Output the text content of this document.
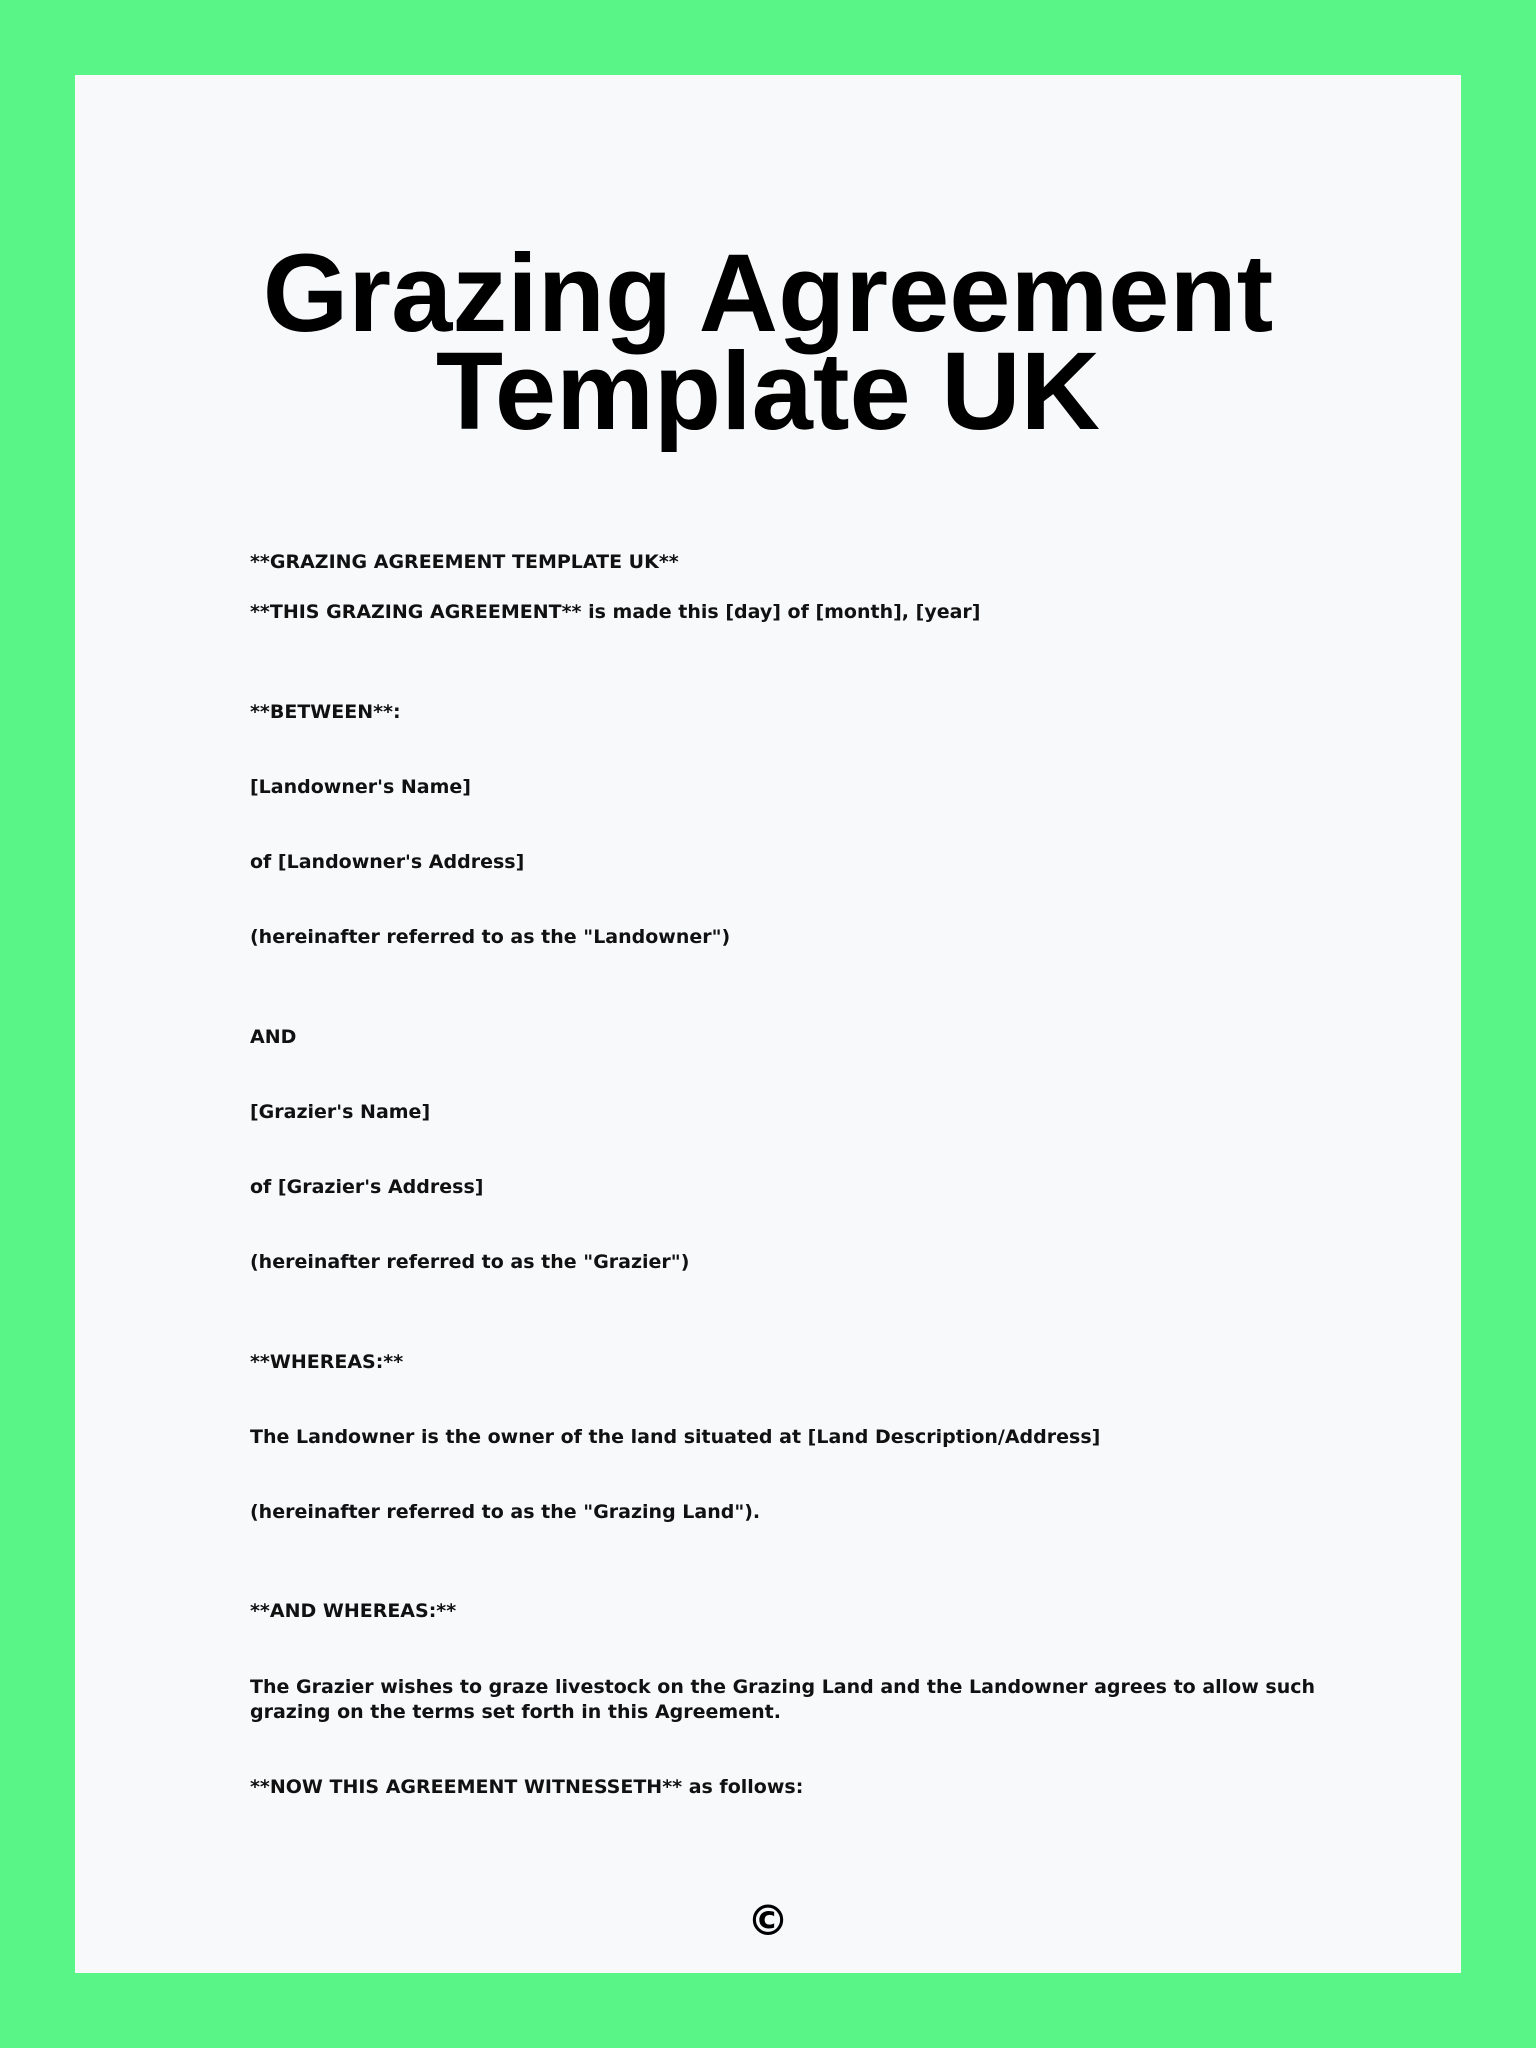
Grazing Agreement Template UK

**GRAZING AGREEMENT TEMPLATE UK**

**THIS GRAZING AGREEMENT** is made this [day] of [month], [year]

**BETWEEN**:

[Landowner's Name]

of [Landowner's Address]

(hereinafter referred to as the "Landowner")

AND

[Grazier's Name]

of [Grazier's Address]

(hereinafter referred to as the "Grazier")

**WHEREAS:**

The Landowner is the owner of the land situated at [Land Description/Address]

(hereinafter referred to as the "Grazing Land").

**AND WHEREAS:**

The Grazier wishes to graze livestock on the Grazing Land and the Landowner agrees to allow such grazing on the terms set forth in this Agreement.

**NOW THIS AGREEMENT WITNESSETH** as follows:

©
